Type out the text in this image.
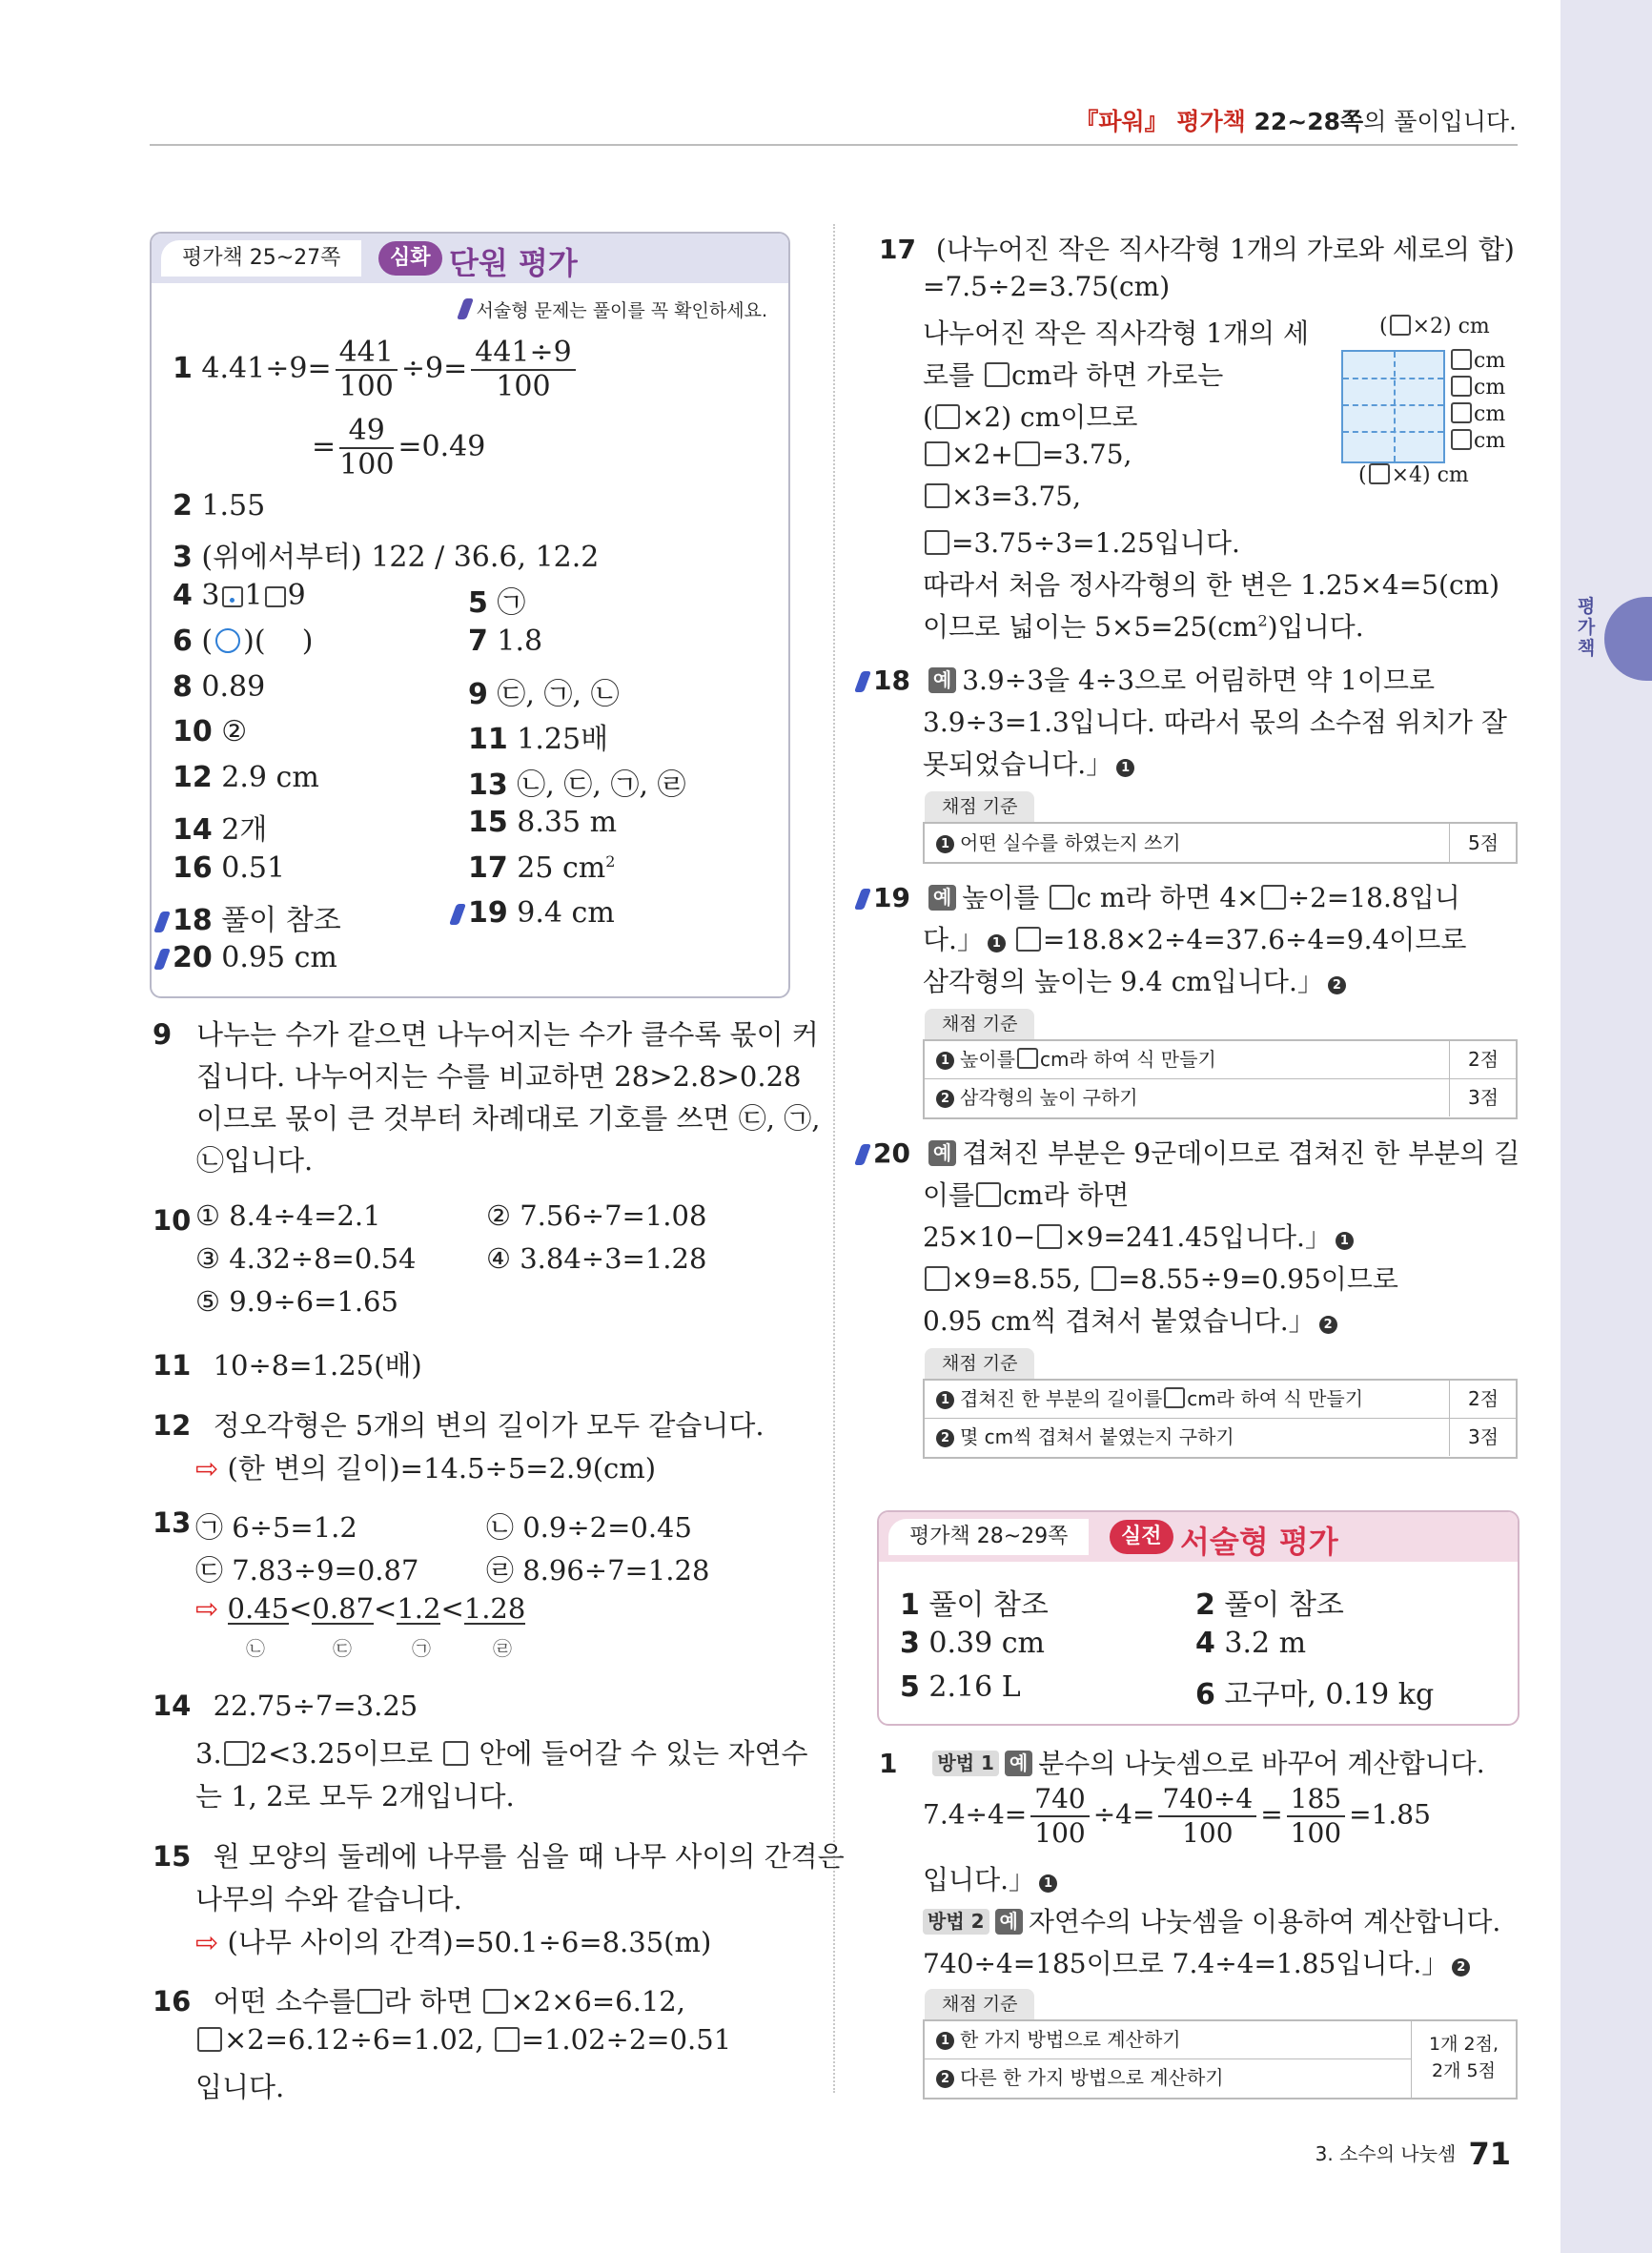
평가책
『파워』 평가책 22~28쪽의 풀이입니다.
평가책 25~27쪽	심화 단원 평가
서술형 문제는 풀이를 꼭 확인하세요.
1 $4.41\div 9= \frac{441}{100} \div 9= \frac{441\div 9}{100}$
= $\frac{49}{100} =0.49$
2 1.55
3 (위에서부터) 122 / 36.6, 12.2
4 3 1 9	5 ㉠
6 ( ○ )( )	7 1.8
8 0.89	9 ㉢, ㉠, ㉡
10 ②	11 1.25배
12 2.9 cm	13 ㉡, ㉢, ㉠, ㉣
14 2개	15 8.35 m
16 0.51	17 25 $cm^2$
18 풀이 참조	19 9.4 cm
20 0.95 cm
9 나누는 수가 같으면 나누어지는 수가 클수록 몫이 커
집니다. 나누어지는 수를 비교하면 28>2.8>0.28
이므로 몫이 큰 것부터 차례대로 기호를 쓰면 ㉢, ㉠,
㉡입니다.
10 ① 8.4÷4=2.1	② 7.56÷7=1.08
③ 4.32÷8=0.54	④ 3.84÷3=1.28
⑤ 9.9÷6=1.65
11 10÷8=1.25(배)
12 정오각형은 5개의 변의 길이가 모두 같습니다.
⇨ (한 변의 길이)=14.5÷5=2.9(cm)
13 ㉠ 6÷5=1.2	㉡ 0.9÷2=0.45
㉢ 7.83÷9=0.87 ㉣ 8.96÷7=1.28
⇨ 0.45<0.87<1.2<1.28
㉡	㉢	㉠	㉣
14 22.75÷7=3.25
3. 2<3.25이므로 안에 들어갈 수 있는 자연수
는 1, 2로 모두 2개입니다.
15 원 모양의 둘레에 나무를 심을 때 나무 사이의 간격은
나무의 수와 같습니다.
⇨ (나무 사이의 간격)=50.1÷6=8.35(m)
16 어떤 소수를 라 하면 ×2×6=6.12,
×2=6.12÷6=1.02, =1.02÷2=0.51
입니다.
17 (나누어진 작은 직사각형 1개의 가로와 세로의 합)
=7.5÷2=3.75(cm)
나누어진 작은 직사각형 1개의 세
로를 cm라 하면 가로는
( ×2) cm이므로
×2+ =3.75,
×3=3.75,
=3.75÷3=1.25입니다.
따라서 처음 정사각형의 한 변은 1.25×4=5(cm)
이므로 넓이는 $5\times 5=25(cm^2)$입니다.
( ×2) cm
cm
cm
cm
cm
( ×4) cm
18 예 3.9÷3을 4÷3으로 어림하면 약 1이므로
3.9÷3=1.3입니다. 따라서 몫의 소수점 위치가 잘
못되었습니다.」 1
채점 기준
1 어떤 실수를 하였는지 쓰기	5점
19 예 높이를 c m라 하면 4× ÷2=18.8입니
다.」 1 =18.8×2÷4=37.6÷4=9.4이므로
삼각형의 높이는 9.4 cm입니다.」 2
채점 기준
1 높이를 cm라 하여 식 만들기	2점
2 삼각형의 높이 구하기	3점
20 예 겹쳐진 부분은 9군데이므로 겹쳐진 한 부분의 길
이를 cm라 하면
25×10− ×9=241.45입니다.」 1
×9=8.55, =8.55÷9=0.95이므로
0.95 cm씩 겹쳐서 붙였습니다.」 2
채점 기준
1 겹쳐진 한 부분의 길이를 cm라 하여 식 만들기	2점
2 몇 cm씩 겹쳐서 붙였는지 구하기	3점
평가책 28~29쪽	실전 서술형 평가
1 풀이 참조	2 풀이 참조
3 0.39 cm	4 3.2 m
5 2.16 L	6 고구마, 0.19 kg
1 방법 1 예 분수의 나눗셈으로 바꾸어 계산합니다.
$7.4\div 4= \frac{740}{100} \div 4= \frac{740\div 4}{100} = \frac{185}{100} =1.85$
입니다.」 1
방법 2 예 자연수의 나눗셈을 이용하여 계산합니다.
740÷4=185이므로 7.4÷4=1.85입니다.」 2
채점 기준
1 한 가지 방법으로 계산하기
2 다른 한 가지 방법으로 계산하기
1개 2점,
2개 5점
3. 소수의 나눗셈 71
